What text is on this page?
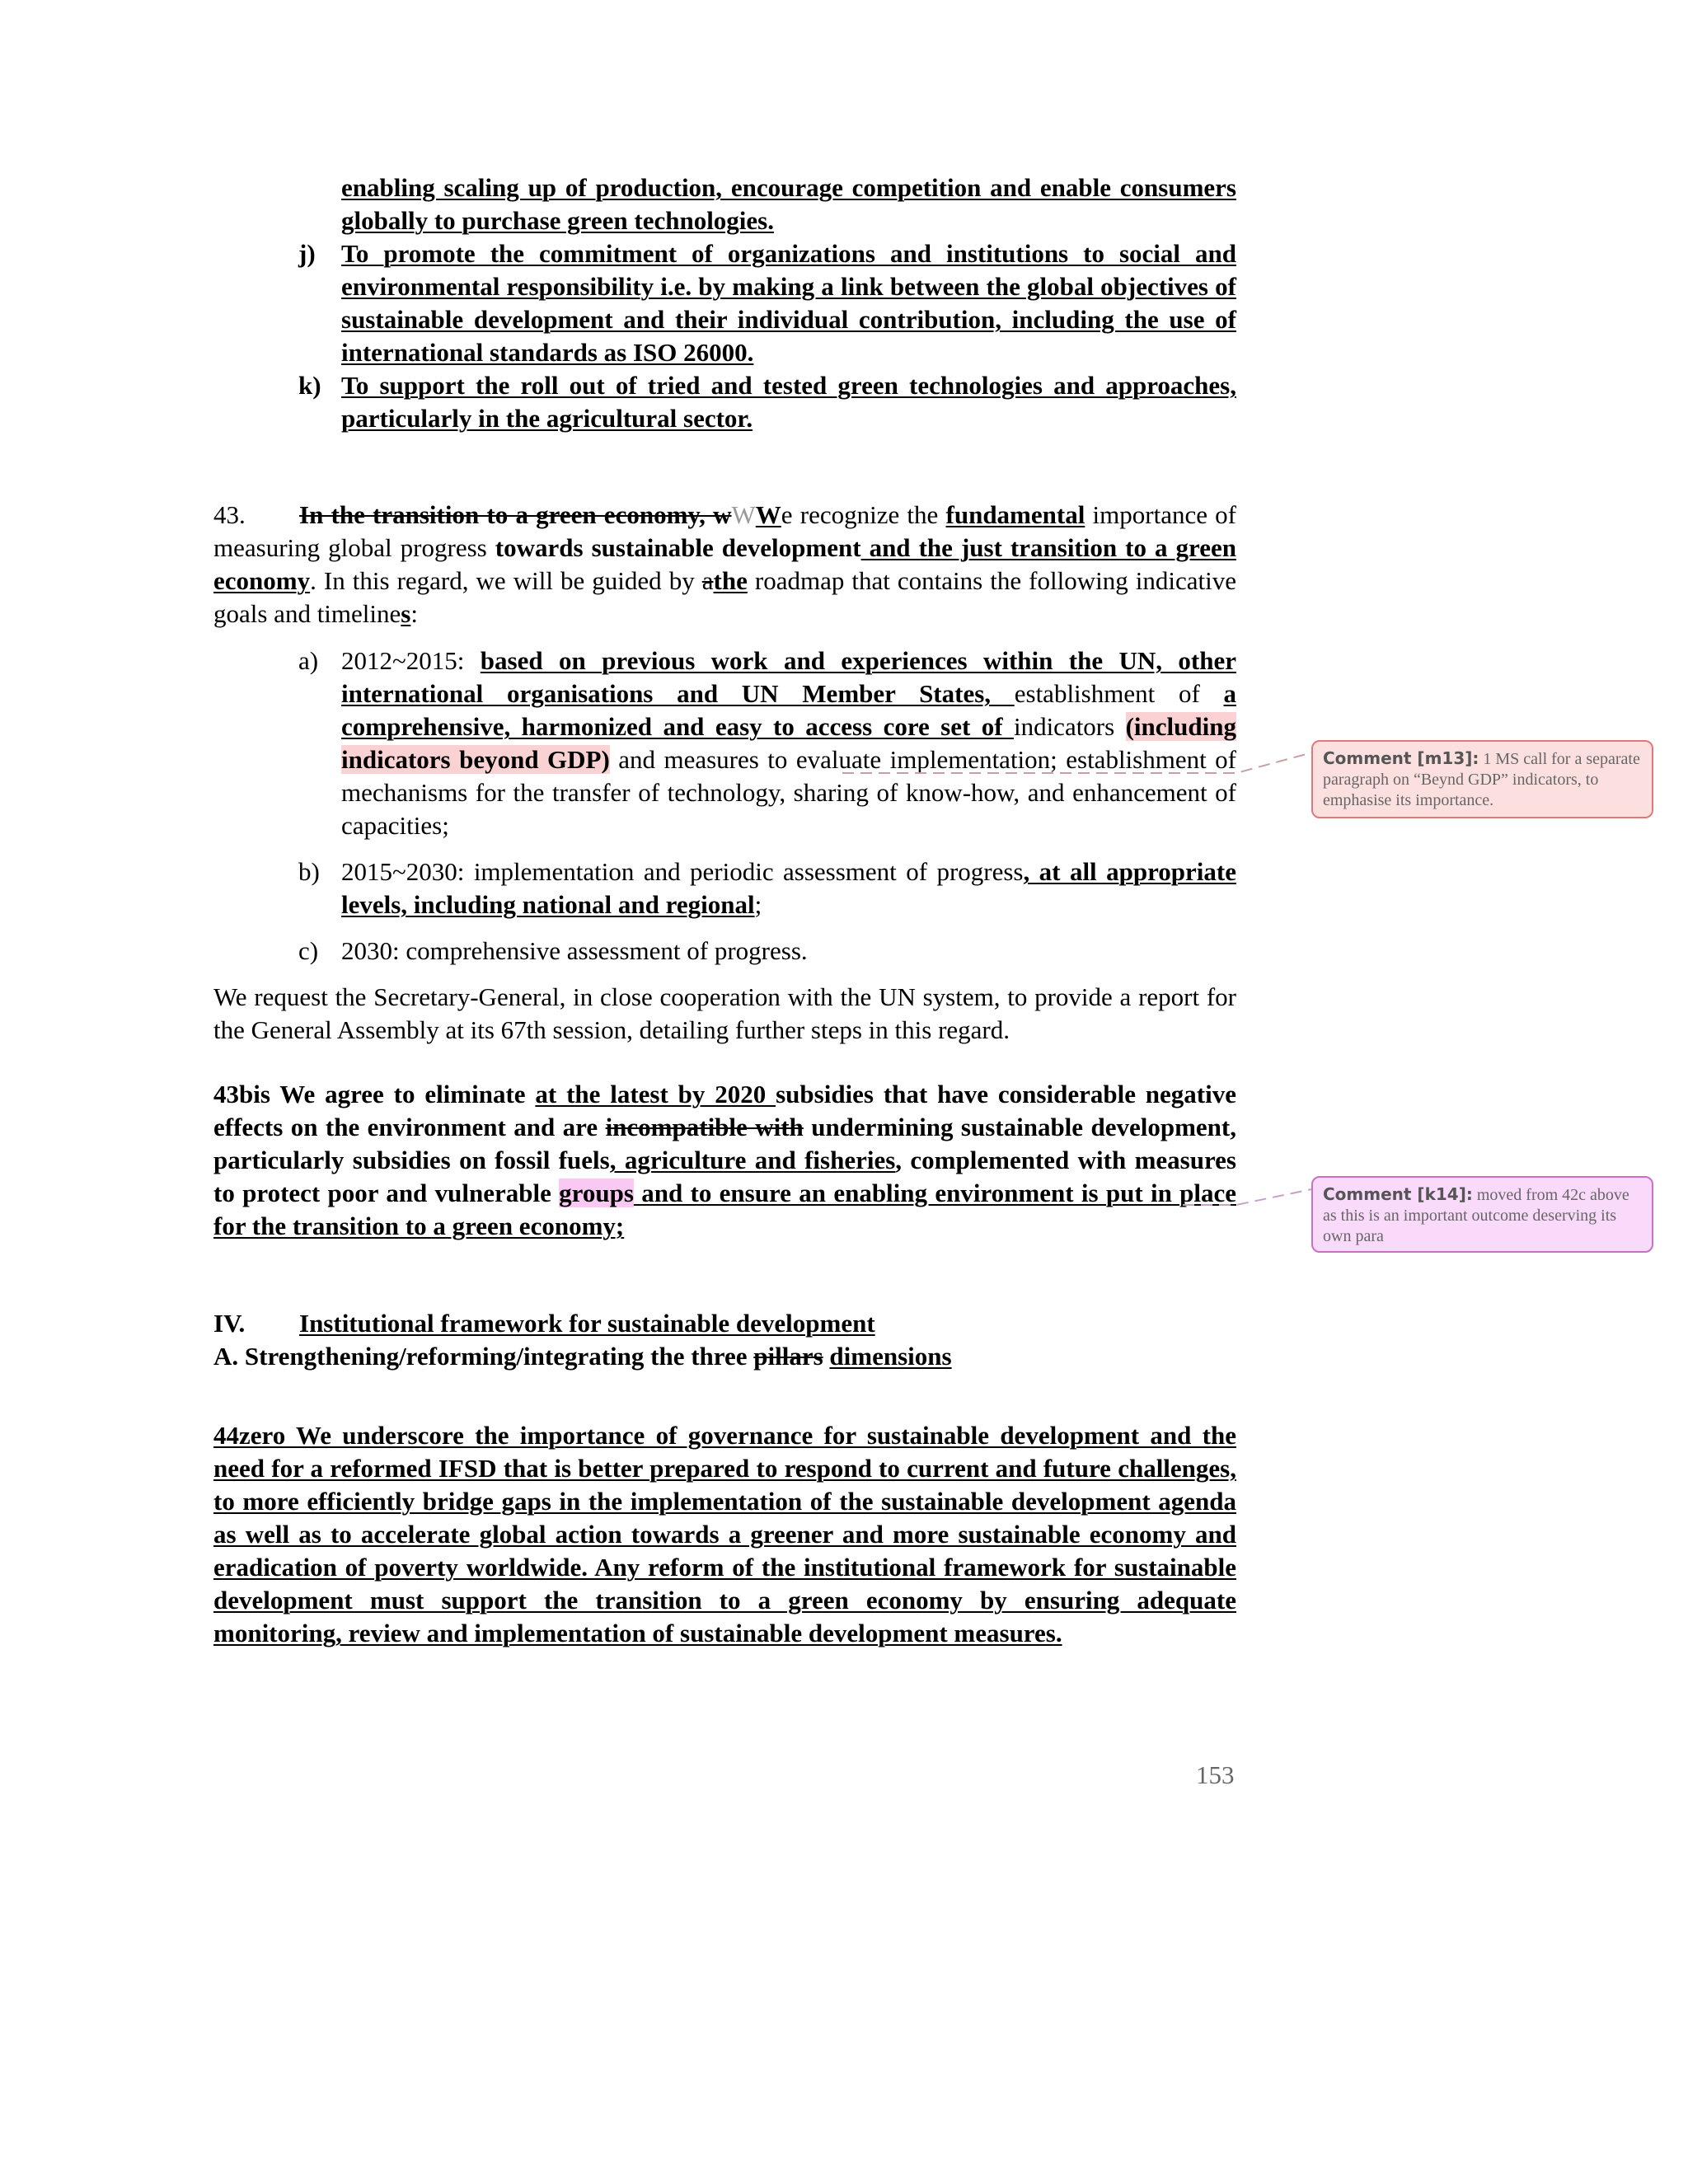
enabling scaling up of production, encourage competition and enable consumers globally to purchase green technologies.

j) To promote the commitment of organizations and institutions to social and environmental responsibility i.e. by making a link between the global objectives of sustainable development and their individual contribution, including the use of international standards as ISO 26000.

k) To support the roll out of tried and tested green technologies and approaches, particularly in the agricultural sector.

43. In the transition to a green economy, wWWe recognize the fundamental importance of measuring global progress towards sustainable development and the just transition to a green economy. In this regard, we will be guided by athe roadmap that contains the following indicative goals and timelines:

a) 2012~2015: based on previous work and experiences within the UN, other international organisations and UN Member States, establishment of a comprehensive, harmonized and easy to access core set of indicators (including indicators beyond GDP) and measures to evaluate implementation; establishment of mechanisms for the transfer of technology, sharing of know-how, and enhancement of capacities;

b) 2015~2030: implementation and periodic assessment of progress, at all appropriate levels, including national and regional;

c) 2030: comprehensive assessment of progress.

We request the Secretary-General, in close cooperation with the UN system, to provide a report for the General Assembly at its 67th session, detailing further steps in this regard.

43bis We agree to eliminate at the latest by 2020 subsidies that have considerable negative effects on the environment and are incompatible with undermining sustainable development, particularly subsidies on fossil fuels, agriculture and fisheries, complemented with measures to protect poor and vulnerable groups and to ensure an enabling environment is put in place for the transition to a green economy;

IV. Institutional framework for sustainable development

A. Strengthening/reforming/integrating the three pillars dimensions

44zero We underscore the importance of governance for sustainable development and the need for a reformed IFSD that is better prepared to respond to current and future challenges, to more efficiently bridge gaps in the implementation of the sustainable development agenda as well as to accelerate global action towards a greener and more sustainable economy and eradication of poverty worldwide. Any reform of the institutional framework for sustainable development must support the transition to a green economy by ensuring adequate monitoring, review and implementation of sustainable development measures.

153
Comment [m13]: 1 MS call for a separate paragraph on “Beynd GDP” indicators, to emphasise its importance.
Comment [k14]: moved from 42c above as this is an important outcome deserving its own para
